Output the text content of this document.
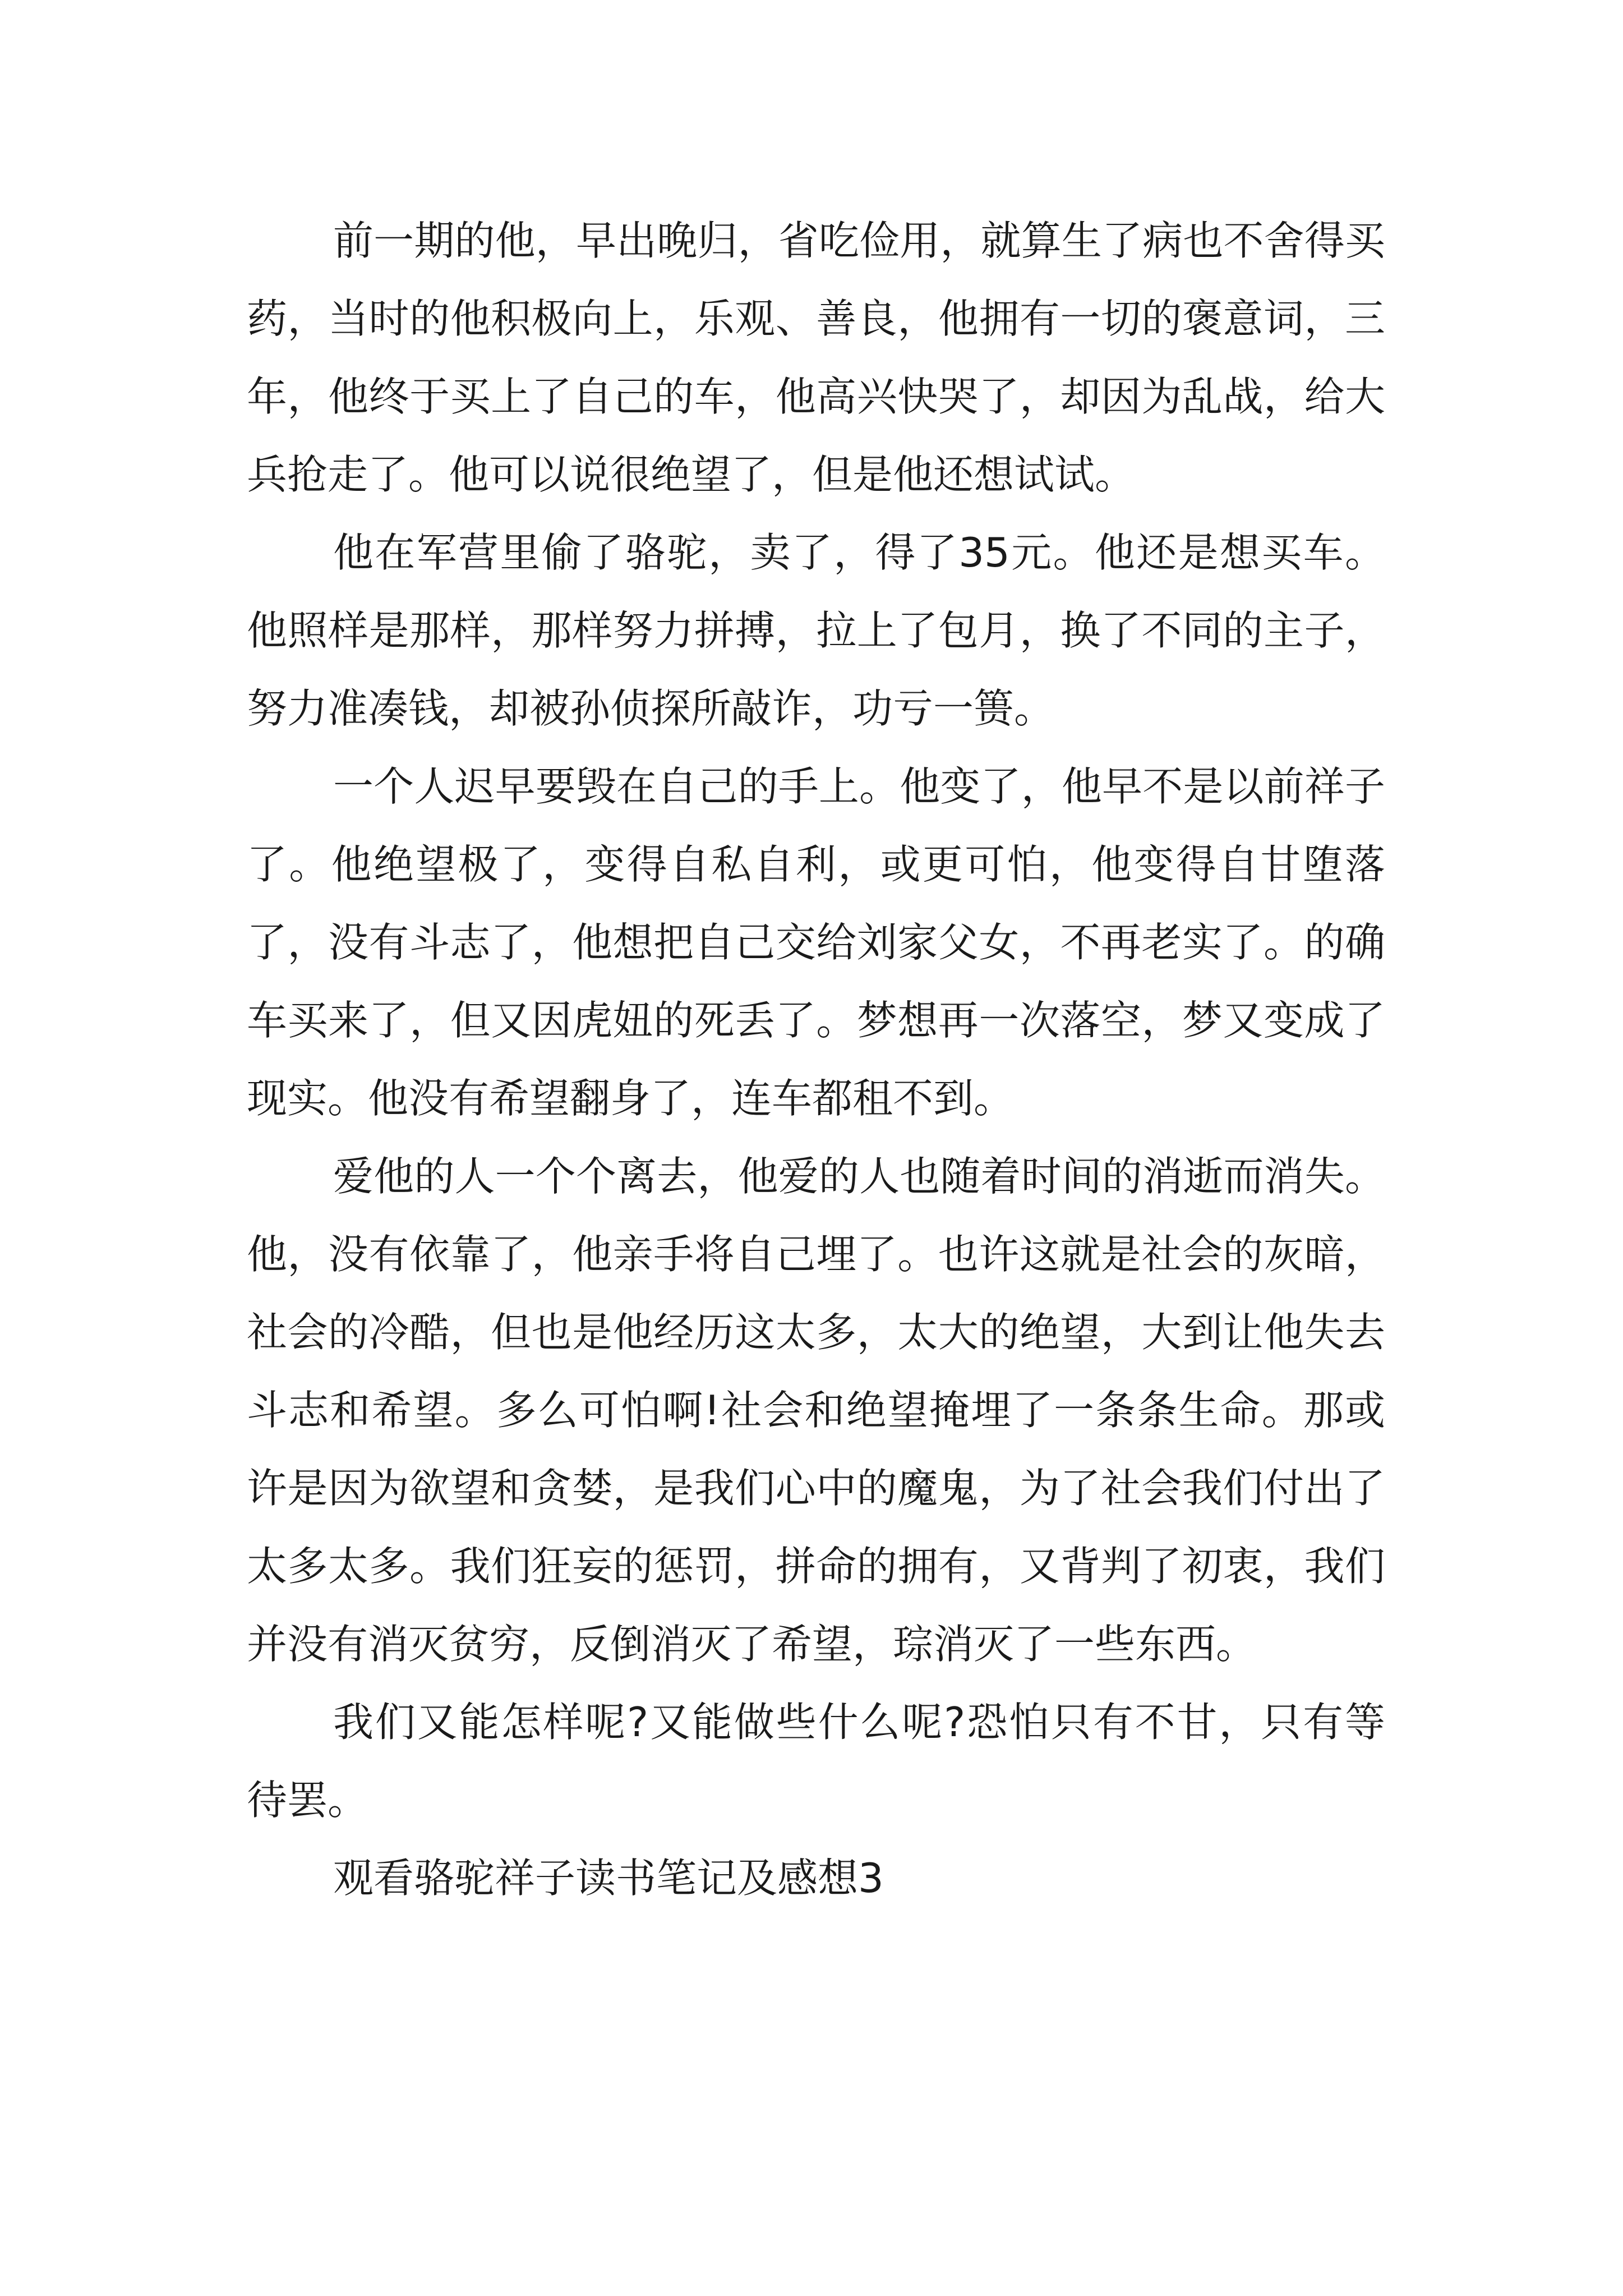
前一期的他，早出晚归，省吃俭用，就算生了病也不舍得买药，当时的他积极向上，乐观、善良，他拥有一切的褒意词，三年，他终于买上了自己的车，他高兴快哭了，却因为乱战，给大兵抢走了。他可以说很绝望了，但是他还想试试。

他在军营里偷了骆驼，卖了，得了35元。他还是想买车。他照样是那样，那样努力拼搏，拉上了包月，换了不同的主子，努力准凑钱，却被孙侦探所敲诈，功亏一篑。

一个人迟早要毁在自己的手上。他变了，他早不是以前祥子了。他绝望极了，变得自私自利，或更可怕，他变得自甘堕落了，没有斗志了，他想把自己交给刘家父女，不再老实了。的确车买来了，但又因虎妞的死丢了。梦想再一次落空，梦又变成了现实。他没有希望翻身了，连车都租不到。

爱他的人一个个离去，他爱的人也随着时间的消逝而消失。他，没有依靠了，他亲手将自己埋了。也许这就是社会的灰暗，社会的冷酷，但也是他经历这太多，太大的绝望，大到让他失去斗志和希望。多么可怕啊!社会和绝望掩埋了一条条生命。那或许是因为欲望和贪婪，是我们心中的魔鬼，为了社会我们付出了太多太多。我们狂妄的惩罚，拼命的拥有，又背判了初衷，我们并没有消灭贫穷，反倒消灭了希望，琮消灭了一些东西。

我们又能怎样呢?又能做些什么呢?恐怕只有不甘，只有等待罢。

观看骆驼祥子读书笔记及感想3
